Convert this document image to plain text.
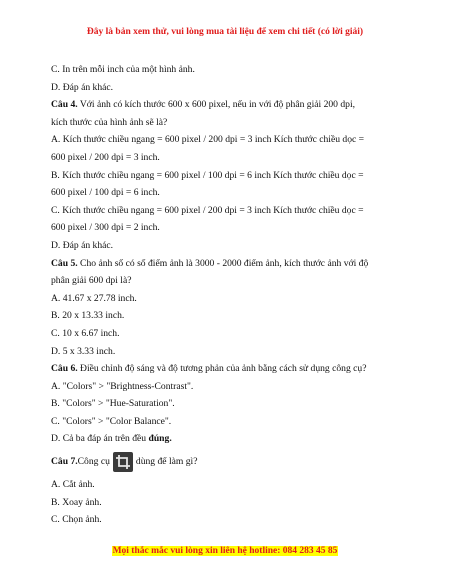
Đây là bản xem thử, vui lòng mua tài liệu để xem chi tiết (có lời giải)
C. In trên mỗi inch của một hình ảnh.
D. Đáp án khác.
Câu 4. Với ảnh có kích thước 600 x 600 pixel, nếu in với độ phân giải 200 dpi,
kích thước của hình ảnh sẽ là?
A. Kích thước chiều ngang = 600 pixel / 200 dpi = 3 inch Kích thước chiều dọc =
600 pixel / 200 dpi = 3 inch.
B. Kích thước chiều ngang = 600 pixel / 100 dpi = 6 inch Kích thước chiều dọc =
600 pixel / 100 dpi = 6 inch.
C. Kích thước chiều ngang = 600 pixel / 200 dpi = 3 inch Kích thước chiều dọc =
600 pixel / 300 dpi = 2 inch.
D. Đáp án khác.
Câu 5. Cho ảnh số có số điểm ảnh là 3000 - 2000 điểm ảnh, kích thước ảnh với độ
phân giải 600 dpi là?
A. 41.67 x 27.78 inch.
B. 20 x 13.33 inch.
C. 10 x 6.67 inch.
D. 5 x 3.33 inch.
Câu 6. Điều chỉnh độ sáng và độ tương phản của ảnh bằng cách sử dụng công cụ?
A. "Colors" > "Brightness-Contrast".
B. "Colors" > "Hue-Saturation".
C. "Colors" > "Color Balance".
D. Cả ba đáp án trên đều đúng.
Câu 7. Công cụ	dùng để làm gì?
A. Cắt ảnh.
B. Xoay ảnh.
C. Chọn ảnh.
Mọi thắc mắc vui lòng xin liên hệ hotline: 084 283 45 85
